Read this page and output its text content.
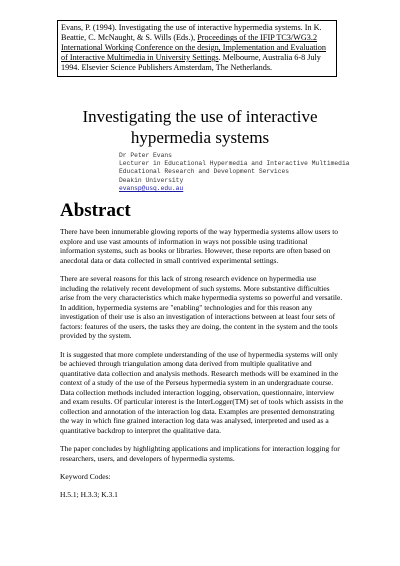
Evans, P. (1994). Investigating the use of interactive hypermedia systems. In K. Beattie, C. McNaught, & S. Wills (Eds.), Proceedings of the IFIP TC3/WG3.2 International Working Conference on the design, Implementation and Evaluation of Interactive Multimedia in University Settings. Melbourne, Australia 6-8 July 1994. Elsevier Science Publishers Amsterdam, The Netherlands.
Investigating the use of interactive hypermedia systems
Dr Peter Evans
Lecturer in Educational Hypermedia and Interactive Multimedia
Educational Research and Development Services
Deakin University
evansp@usq.edu.au
Abstract

There have been innumerable glowing reports of the way hypermedia systems allow users to explore and use vast amounts of information in ways not possible using traditional information systems, such as books or libraries. However, these reports are often based on anecdotal data or data collected in small contrived experimental settings.

There are several reasons for this lack of strong research evidence on hypermedia use including the relatively recent development of such systems. More substantive difficulties arise from the very characteristics which make hypermedia systems so powerful and versatile. In addition, hypermedia systems are "enabling" technologies and for this reason any investigation of their use is also an investigation of interactions between at least four sets of factors: features of the users, the tasks they are doing, the content in the system and the tools provided by the system.

It is suggested that more complete understanding of the use of hypermedia systems will only be achieved through triangulation among data derived from multiple qualitative and quantitative data collection and analysis methods. Research methods will be examined in the context of a study of the use of the Perseus hypermedia system in an undergraduate course. Data collection methods included interaction logging, observation, questionnaire, interview and exam results. Of particular interest is the InterLogger(TM) set of tools which assists in the collection and annotation of the interaction log data. Examples are presented demonstrating the way in which fine grained interaction log data was analysed, interpreted and used as a quantitative backdrop to interpret the qualitative data.

The paper concludes by highlighting applications and implications for interaction logging for researchers, users, and developers of hypermedia systems.

Keyword Codes:

H.5.1; H.3.3; K.3.1
